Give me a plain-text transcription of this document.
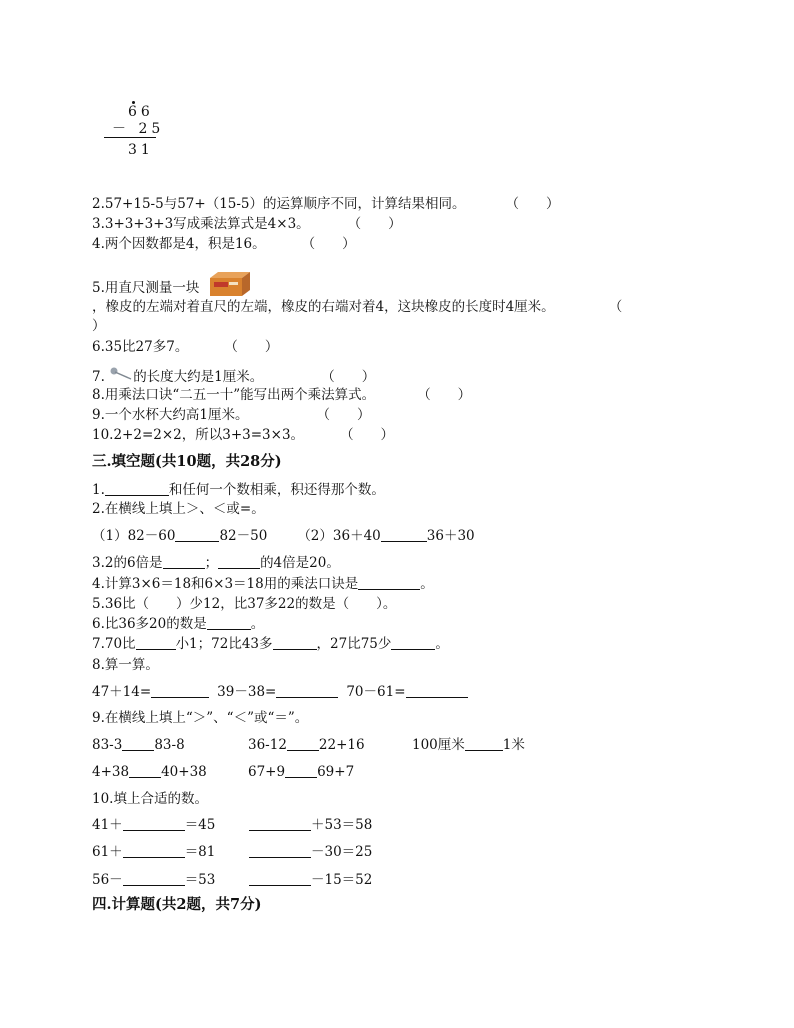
66
－ 25
31
2.57+15-5与57+（15-5）的运算顺序不同，计算结果相同。	（　　）
3.3+3+3+3写成乘法算式是4×3。	（　　）
4.两个因数都是4，积是16。	（　　）
5.用直尺测量一块
，橡皮的左端对着直尺的左端，橡皮的右端对着4，这块橡皮的长度时4厘米。	（
）
6.35比27多7。	（　　）
7. 的长度大约是1厘米。	（　　）
8.用乘法口诀“二五一十”能写出两个乘法算式。	（　　）
9.一个水杯大约高1厘米。	（　　）
10.2+2=2×2，所以3+3=3×3。	（　　）
三.填空题(共10题，共28分)
1.	和任何一个数相乘，积还得那个数。
2.在横线上填上＞、＜或=。
（1）82－60	82－50 （2）36＋40	36＋30
3.2的6倍是	；	的4倍是20。
4.计算3×6＝18和6×3＝18用的乘法口诀是	。
5.36比（　　）少12，比37多22的数是（　　）。
6.比36多20的数是	。
7.70比	小1；72比43多	，27比75少	。
8.算一算。
47＋14=	39－38=	70－61=
9.在横线上填上“＞”、“＜”或“＝”。
83-3 83-8	36-12 22+16	100厘米	1米
4+38 40+38	67+9 69+7
10.填上合适的数。
41＋	＝45	＋53＝58
61＋	＝81	－30＝25
56－	＝53	－15＝52
四.计算题(共2题，共7分)
